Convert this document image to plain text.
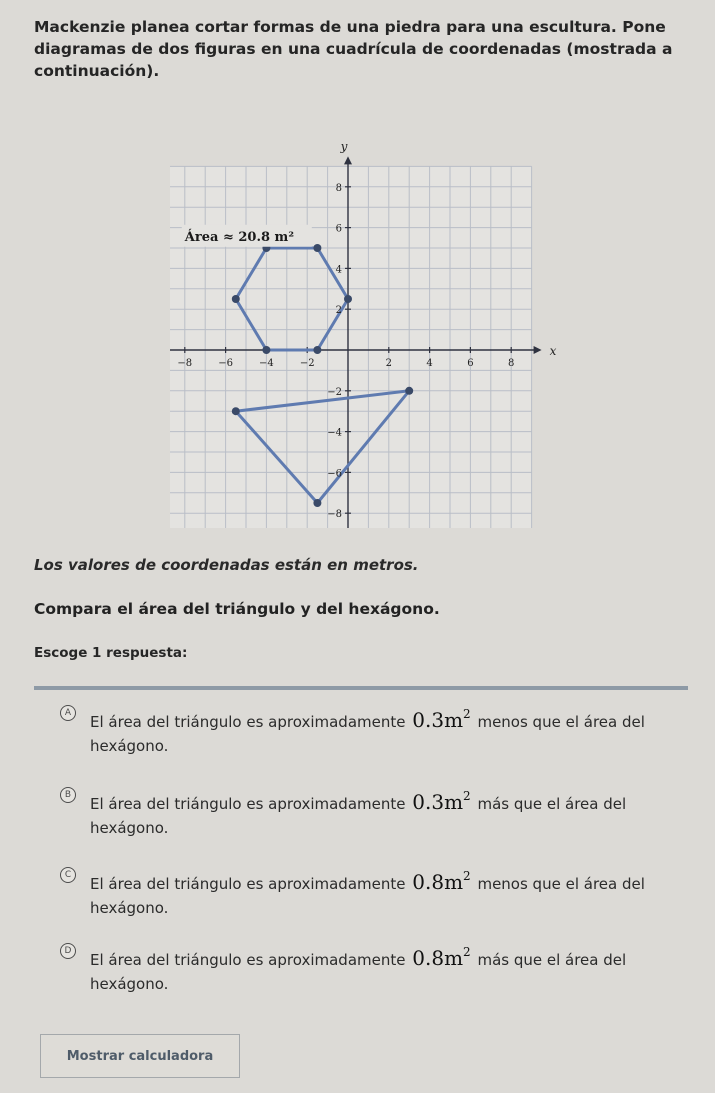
Mackenzie planea cortar formas de una piedra para una escultura. Pone diagramas de dos figuras en una cuadrícula de coordenadas (mostrada a continuación).
−8	−6	−4	−2	2	4	6	8
8
6
4
2
−2
−4
−6
−8
x
y
Área ≈ 20.8 m²
Los valores de coordenadas están en metros.
Compara el área del triángulo y del hexágono.
Escoge 1 respuesta:
A	El área del triángulo es aproximadamente $0.3m^2$ menos que el área del hexágono.
B	El área del triángulo es aproximadamente $0.3m^2$ más que el área del hexágono.
C	El área del triángulo es aproximadamente $0.8m^2$ menos que el área del hexágono.
D	El área del triángulo es aproximadamente $0.8m^2$ más que el área del hexágono.
Mostrar calculadora
